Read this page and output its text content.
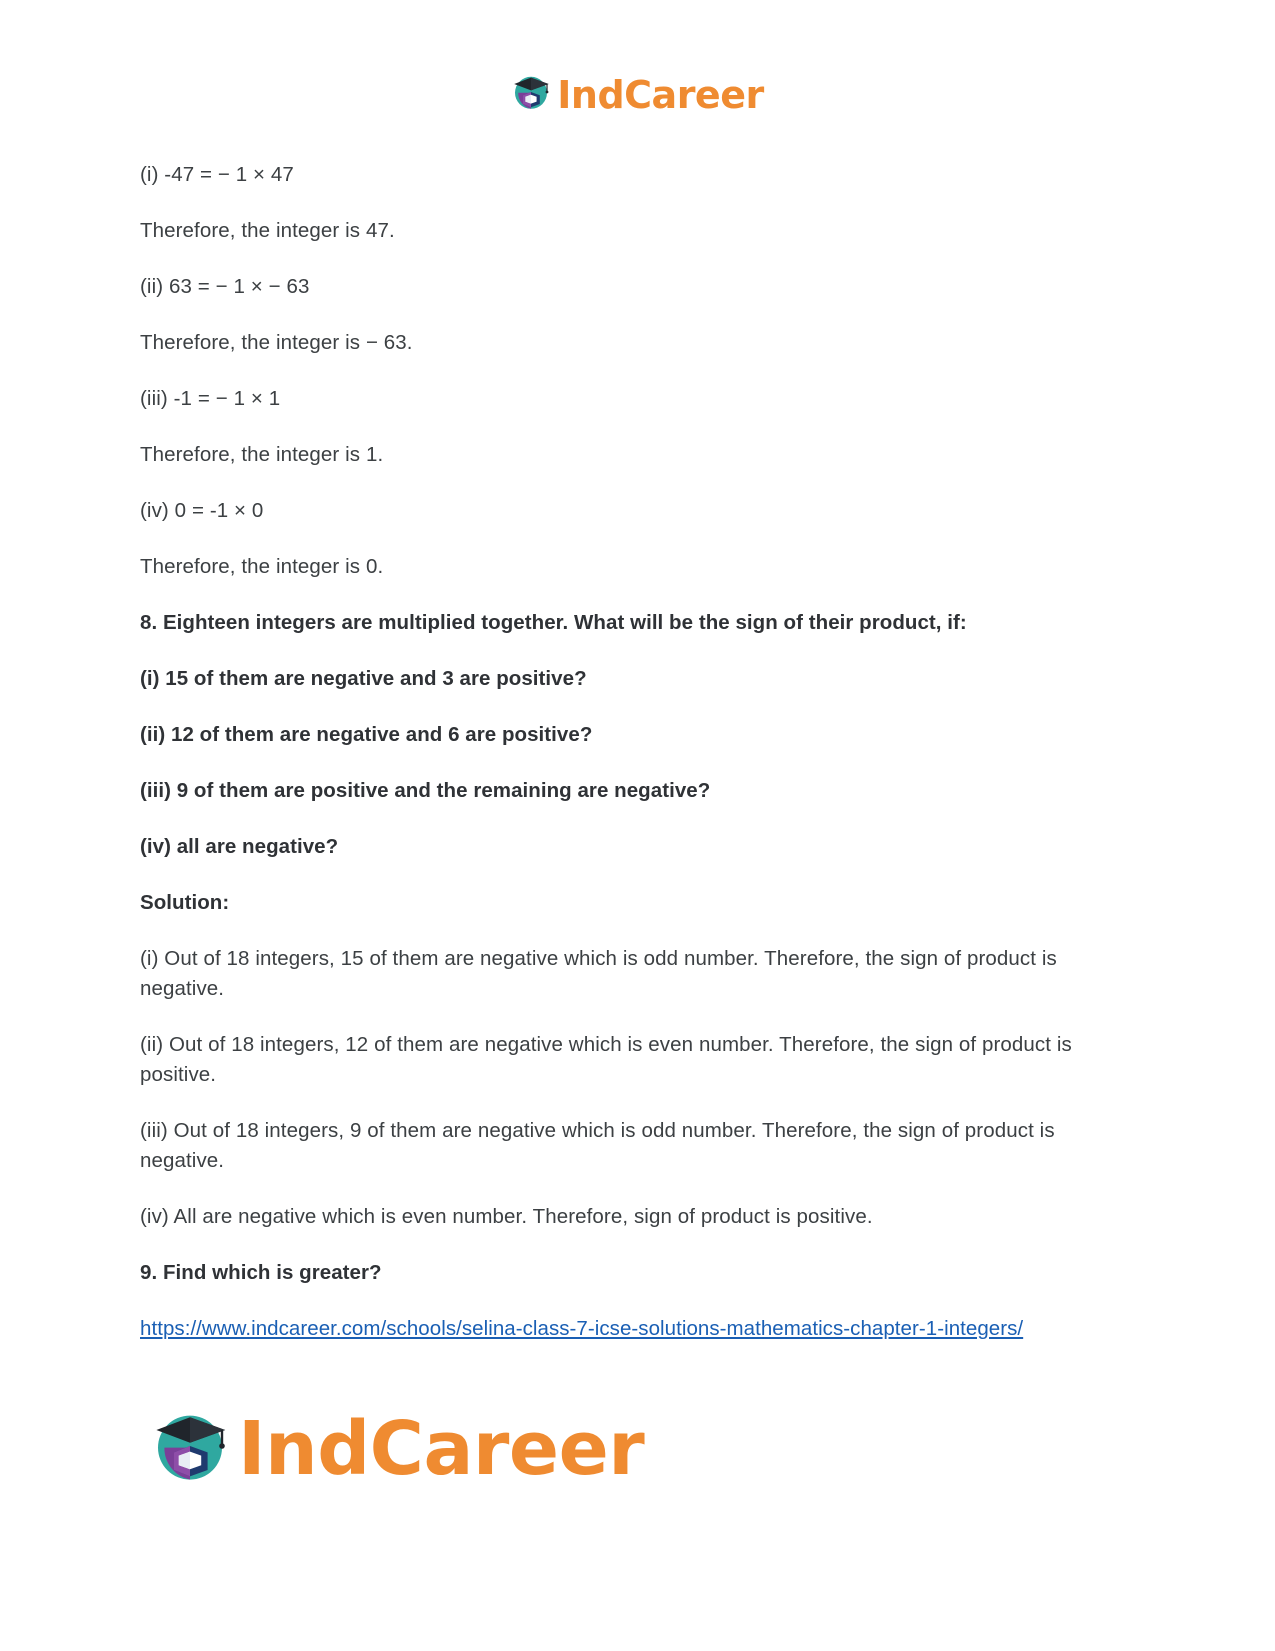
IndCareer

(i) -47 = − 1 × 47

Therefore, the integer is 47.

(ii) 63 = − 1 × − 63

Therefore, the integer is − 63.

(iii) -1 = − 1 × 1

Therefore, the integer is 1.

(iv) 0 = -1 × 0

Therefore, the integer is 0.

8. Eighteen integers are multiplied together. What will be the sign of their product, if:

(i) 15 of them are negative and 3 are positive?

(ii) 12 of them are negative and 6 are positive?

(iii) 9 of them are positive and the remaining are negative?

(iv) all are negative?

Solution:

(i) Out of 18 integers, 15 of them are negative which is odd number. Therefore, the sign of product is negative.

(ii) Out of 18 integers, 12 of them are negative which is even number. Therefore, the sign of product is positive.

(iii) Out of 18 integers, 9 of them are negative which is odd number. Therefore, the sign of product is negative.

(iv) All are negative which is even number. Therefore, sign of product is positive.

9. Find which is greater?

https://www.indcareer.com/schools/selina-class-7-icse-solutions-mathematics-chapter-1-integers/
IndCareer
